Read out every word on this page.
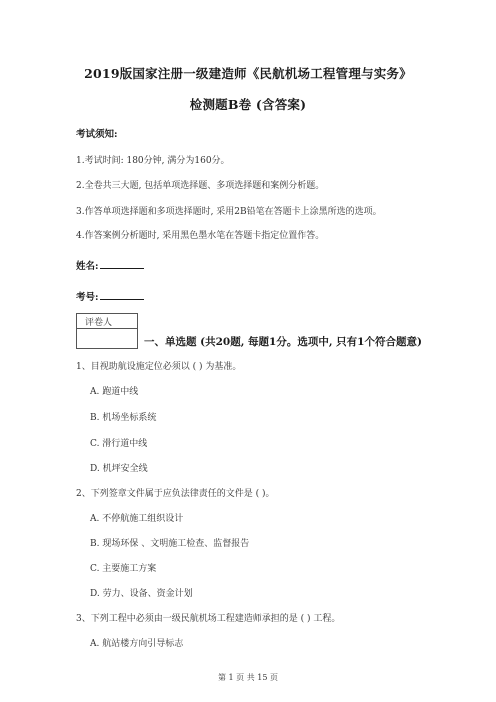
2019版国家注册一级建造师《民航机场工程管理与实务》
检测题B卷 (含答案)
考试须知:
1.考试时间: 180分钟, 满分为160分。
2.全卷共三大题, 包括单项选择题、多项选择题和案例分析题。
3.作答单项选择题和多项选择题时, 采用2B铅笔在答题卡上涂黑所选的选项。
4.作答案例分析题时, 采用黑色墨水笔在答题卡指定位置作答。
姓名:
考号:
评卷人
一、单选题 (共20题, 每题1分。选项中, 只有1个符合题意)
1、目视助航设施定位必须以 ( ) 为基准。
A. 跑道中线
B. 机场坐标系统
C. 滑行道中线
D. 机坪安全线
2、下列签章文件属于应负法律责任的文件是 ( )。
A. 不停航施工组织设计
B. 现场环保 、文明施工检查、监督报告
C. 主要施工方案
D. 劳力、设备、资金计划
3、下列工程中必须由一级民航机场工程建造师承担的是 ( ) 工程。
A. 航站楼方向引导标志
第 1 页 共 15 页
